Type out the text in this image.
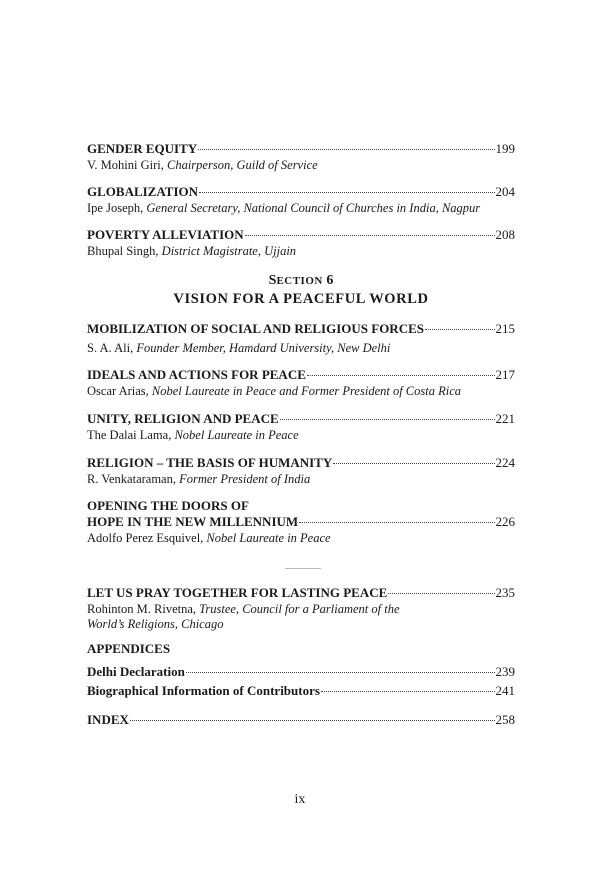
GENDER EQUITY	199
V. Mohini Giri, Chairperson, Guild of Service
GLOBALIZATION	204
Ipe Joseph, General Secretary, National Council of Churches in India, Nagpur
POVERTY ALLEVIATION	208
Bhupal Singh, District Magistrate, Ujjain
SECTION 6
VISION FOR A PEACEFUL WORLD
MOBILIZATION OF SOCIAL AND RELIGIOUS FORCES	215
S. A. Ali, Founder Member, Hamdard University, New Delhi
IDEALS AND ACTIONS FOR PEACE	217
Oscar Arias, Nobel Laureate in Peace and Former President of Costa Rica
UNITY, RELIGION AND PEACE	221
The Dalai Lama, Nobel Laureate in Peace
RELIGION – THE BASIS OF HUMANITY	224
R. Venkataraman, Former President of India
OPENING THE DOORS OF
HOPE IN THE NEW MILLENNIUM	226
Adolfo Perez Esquivel, Nobel Laureate in Peace
LET US PRAY TOGETHER FOR LASTING PEACE	235
Rohinton M. Rivetna, Trustee, Council for a Parliament of the
World’s Religions, Chicago
APPENDICES
Delhi Declaration	239
Biographical Information of Contributors	241
INDEX	258
ix
